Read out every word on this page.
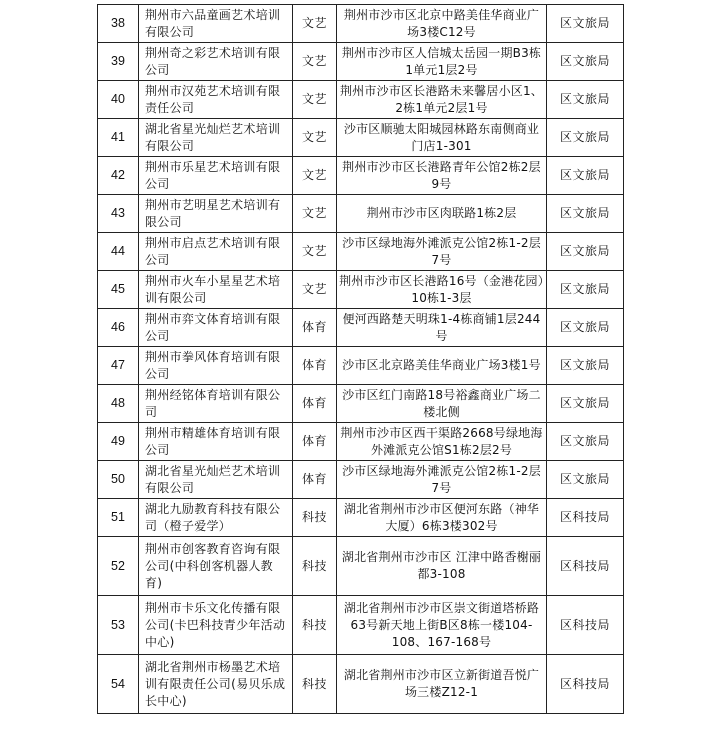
38	荆州市六品童画艺术培训有限公司	文艺	荆州市沙市区北京中路美佳华商业广场3楼C12号	区文旅局
39	荆州奇之彩艺术培训有限公司	文艺	荆州市沙市区人信城太岳园一期B3栋1单元1层2号	区文旅局
40	荆州市汉苑艺术培训有限责任公司	文艺	荆州市沙市区长港路未来馨居小区1、2栋1单元2层1号	区文旅局
41	湖北省星光灿烂艺术培训有限公司	文艺	沙市区顺驰太阳城园林路东南侧商业门店1-301	区文旅局
42	荆州市乐星艺术培训有限公司	文艺	荆州市沙市区长港路青年公馆2栋2层9号	区文旅局
43	荆州市艺明星艺术培训有限公司	文艺	荆州市沙市区肉联路1栋2层	区文旅局
44	荆州市启点艺术培训有限公司	文艺	沙市区绿地海外滩派克公馆2栋1-2层7号	区文旅局
45	荆州市火车小星星艺术培训有限公司	文艺	荆州市沙市区长港路16号（金港花园）10栋1-3层	区文旅局
46	荆州市弈文体育培训有限公司	体育	便河西路楚天明珠1-4栋商铺1层244号	区文旅局
47	荆州市拳风体育培训有限公司	体育	沙市区北京路美佳华商业广场3楼1号	区文旅局
48	荆州经铭体育培训有限公司	体育	沙市区红门南路18号裕鑫商业广场二楼北侧	区文旅局
49	荆州市精雄体育培训有限公司	体育	荆州市沙市区西干渠路2668号绿地海外滩派克公馆S1栋2层2号	区文旅局
50	湖北省星光灿烂艺术培训有限公司	体育	沙市区绿地海外滩派克公馆2栋1-2层7号	区文旅局
51	湖北九励教育科技有限公司（橙子爱学）	科技	湖北省荆州市沙市区便河东路（神华大厦）6栋3楼302号	区科技局
52	荆州市创客教育咨询有限公司(中科创客机器人教育)	科技	湖北省荆州市沙市区 江津中路香榭丽都3-108	区科技局
53	荆州市卡乐文化传播有限公司(卡巴科技青少年活动中心)	科技	湖北省荆州市沙市区崇文街道塔桥路63号新天地上街B区8栋一楼104-108、167-168号	区科技局
54	湖北省荆州市杨墨艺术培训有限责任公司(易贝乐成长中心)	科技	湖北省荆州市沙市区立新街道吾悦广场三楼Z12-1	区科技局
